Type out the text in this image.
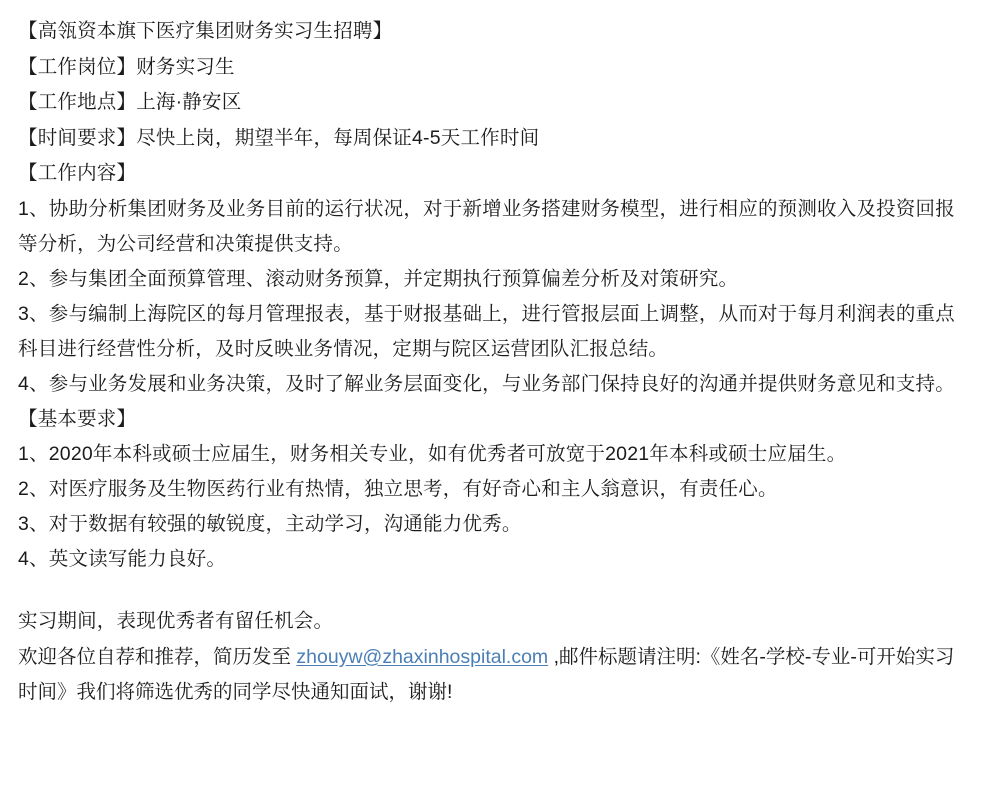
【高瓴资本旗下医疗集团财务实习生招聘】
【工作岗位】财务实习生
【工作地点】上海·静安区
【时间要求】尽快上岗，期望半年，每周保证4-5天工作时间
【工作内容】
1、协助分析集团财务及业务目前的运行状况，对于新增业务搭建财务模型，进行相应的预测收入及投资回报等分析，为公司经营和决策提供支持。
2、参与集团全面预算管理、滚动财务预算，并定期执行预算偏差分析及对策研究。
3、参与编制上海院区的每月管理报表，基于财报基础上，进行管报层面上调整，从而对于每月利润表的重点科目进行经营性分析，及时反映业务情况，定期与院区运营团队汇报总结。
4、参与业务发展和业务决策，及时了解业务层面变化，与业务部门保持良好的沟通并提供财务意见和支持。
【基本要求】
1、2020年本科或硕士应届生，财务相关专业，如有优秀者可放宽于2021年本科或硕士应届生。
2、对医疗服务及生物医药行业有热情，独立思考，有好奇心和主人翁意识，有责任心。
3、对于数据有较强的敏锐度，主动学习，沟通能力优秀。
4、英文读写能力良好。
实习期间，表现优秀者有留任机会。
欢迎各位自荐和推荐，简历发至 zhouyw@zhaxinhospital.com ,邮件标题请注明:《姓名-学校-专业-可开始实习时间》我们将筛选优秀的同学尽快通知面试，谢谢!
